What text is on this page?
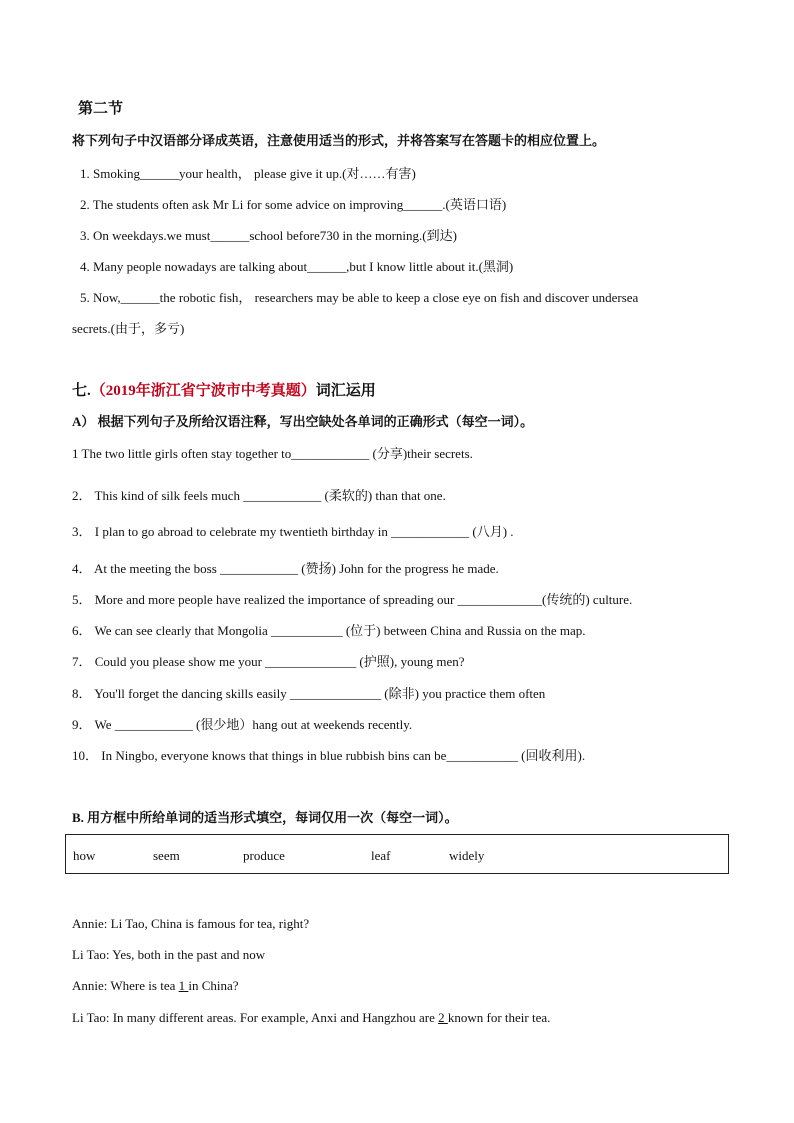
第二节
将下列句子中汉语部分译成英语，注意使用适当的形式，并将答案写在答题卡的相应位置上。
1. Smoking______your health， please give it up.(对……有害)
2. The students often ask Mr Li for some advice on improving______.(英语口语)
3. On weekdays.we must______school before730 in the morning.(到达)
4. Many people nowadays are talking about______,but I know little about it.(黑洞)
5. Now,______the robotic fish， researchers may be able to keep a close eye on fish and discover undersea
secrets.(由于，多亏)
七.（2019年浙江省宁波市中考真题）词汇运用
A） 根据下列句子及所给汉语注释，写出空缺处各单词的正确形式（每空一词）。
1 The two little girls often stay together to____________ (分享)their secrets.
2． This kind of silk feels much ____________ (柔软的) than that one.
3． I plan to go abroad to celebrate my twentieth birthday in ____________ (八月) .
4． At the meeting the boss ____________ (赞扬) John for the progress he made.
5． More and more people have realized the importance of spreading our _____________(传统的) culture.
6． We can see clearly that Mongolia ___________ (位于) between China and Russia on the map.
7． Could you please show me your ______________ (护照), young men?
8． You'll forget the dancing skills easily ______________ (除非) you practice them often
9． We ____________ (很少地）hang out at weekends recently.
10． In Ningbo, everyone knows that things in blue rubbish bins can be___________ (回收利用).
B. 用方框中所给单词的适当形式填空，每词仅用一次（每空一词）。
how	seem	produce	leaf	widely
Annie: Li Tao, China is famous for tea, right?
Li Tao: Yes, both in the past and now
Annie: Where is tea 1 in China?
Li Tao: In many different areas. For example, Anxi and Hangzhou are 2 known for their tea.
